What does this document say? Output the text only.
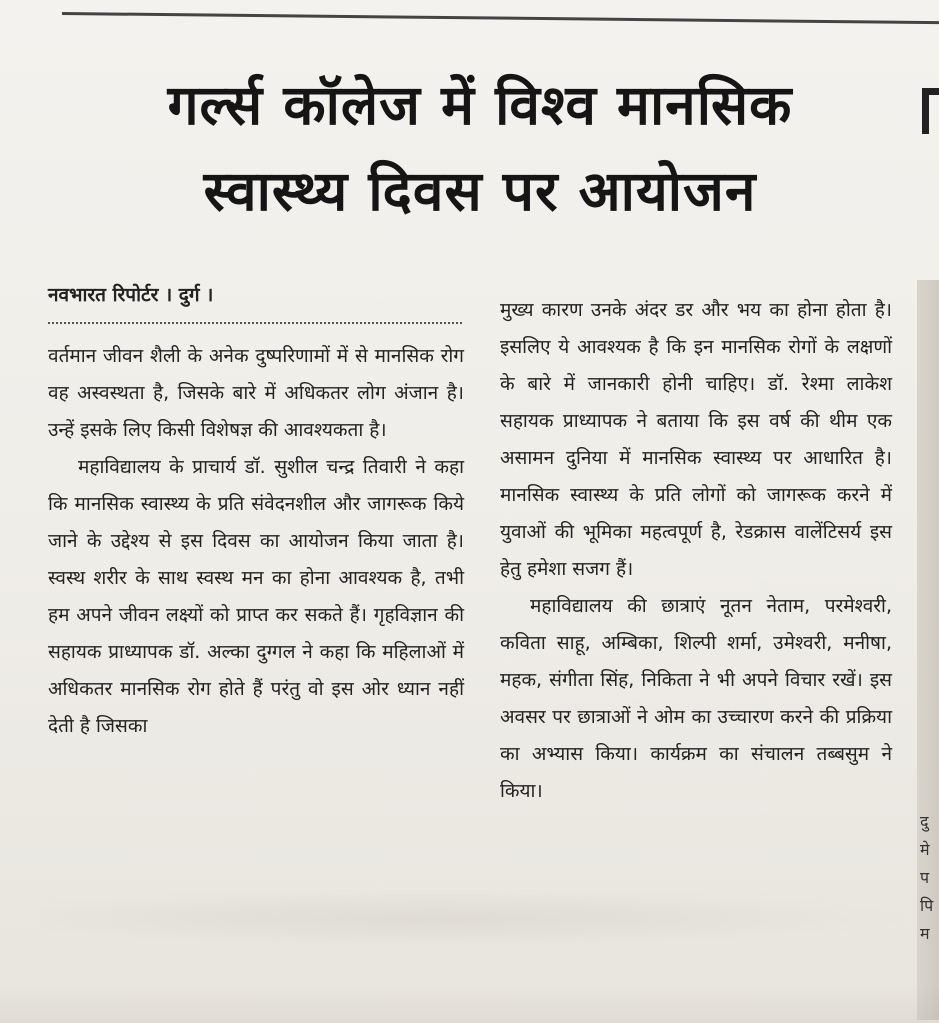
गर्ल्स कॉलेज में विश्व मानसिक
स्वास्थ्य दिवस पर आयोजन
दु
मे
प
पि
म

नवभारत रिपोर्टर । दुर्ग ।

वर्तमान जीवन शैली के अनेक दुष्परिणामों में से मानसिक रोग वह अस्वस्थता है, जिसके बारे में अधिकतर लोग अंजान है। उन्हें इसके लिए किसी विशेषज्ञ की आवश्यकता है।

महाविद्यालय के प्राचार्य डॉ. सुशील चन्द्र तिवारी ने कहा कि मानसिक स्वास्थ्य के प्रति संवेदनशील और जागरूक किये जाने के उद्देश्य से इस दिवस का आयोजन किया जाता है। स्वस्थ शरीर के साथ स्वस्थ मन का होना आवश्यक है, तभी हम अपने जीवन लक्ष्यों को प्राप्त कर सकते हैं। गृहविज्ञान की सहायक प्राध्यापक डॉ. अल्का दुग्गल ने कहा कि महिलाओं में अधिकतर मानसिक रोग होते हैं परंतु वो इस ओर ध्यान नहीं देती है जिसका

मुख्य कारण उनके अंदर डर और भय का होना होता है। इसलिए ये आवश्यक है कि इन मानसिक रोगों के लक्षणों के बारे में जानकारी होनी चाहिए। डॉ. रेश्मा लाकेश सहायक प्राध्यापक ने बताया कि इस वर्ष की थीम एक असामन दुनिया में मानसिक स्वास्थ्य पर आधारित है। मानसिक स्वास्थ्य के प्रति लोगों को जागरूक करने में युवाओं की भूमिका महत्वपूर्ण है, रेडक्रास वालेंटिसर्य इस हेतु हमेशा सजग हैं।

महाविद्यालय की छात्राएं नूतन नेताम, परमेश्वरी, कविता साहू, अम्बिका, शिल्पी शर्मा, उमेश्वरी, मनीषा, महक, संगीता सिंह, निकिता ने भी अपने विचार रखें। इस अवसर पर छात्राओं ने ओम का उच्चारण करने की प्रक्रिया का अभ्यास किया। कार्यक्रम का संचालन तब्बसुम ने किया।
